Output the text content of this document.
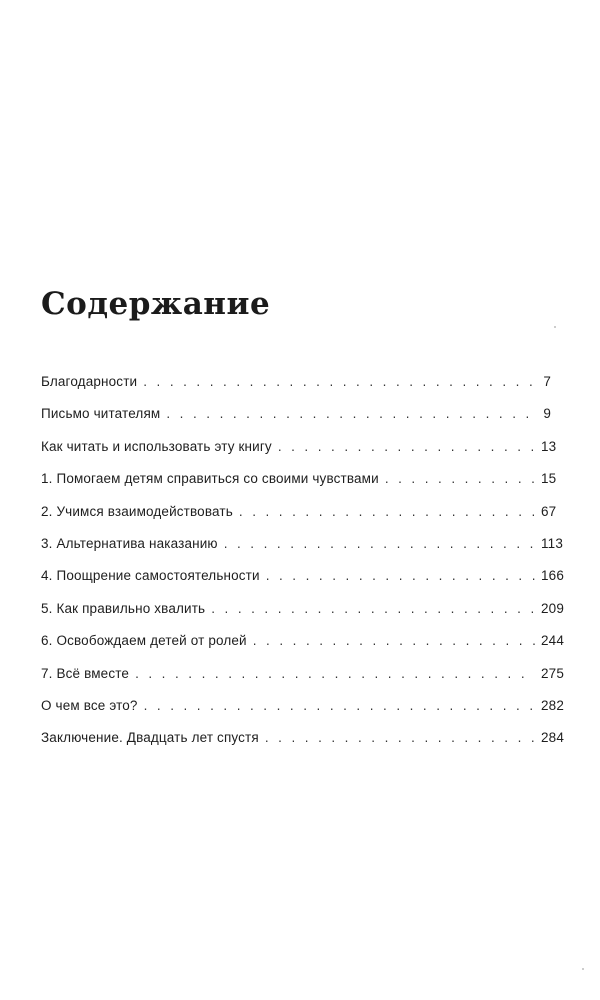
Содержание
Благодарности . . .	7
Письмо читателям . . .	9
Как читать и использовать эту книгу . . .	13
1. Помогаем детям справиться со своими чувствами . . .	15
2. Учимся взаимодействовать . . .	67
3. Альтернатива наказанию . . .	113
4. Поощрение самостоятельности . . .	166
5. Как правильно хвалить . . .	209
6. Освобождаем детей от ролей . . .	244
7. Всё вместе . . .	275
О чем все это? . . .	282
Заключение. Двадцать лет спустя . . .	284
